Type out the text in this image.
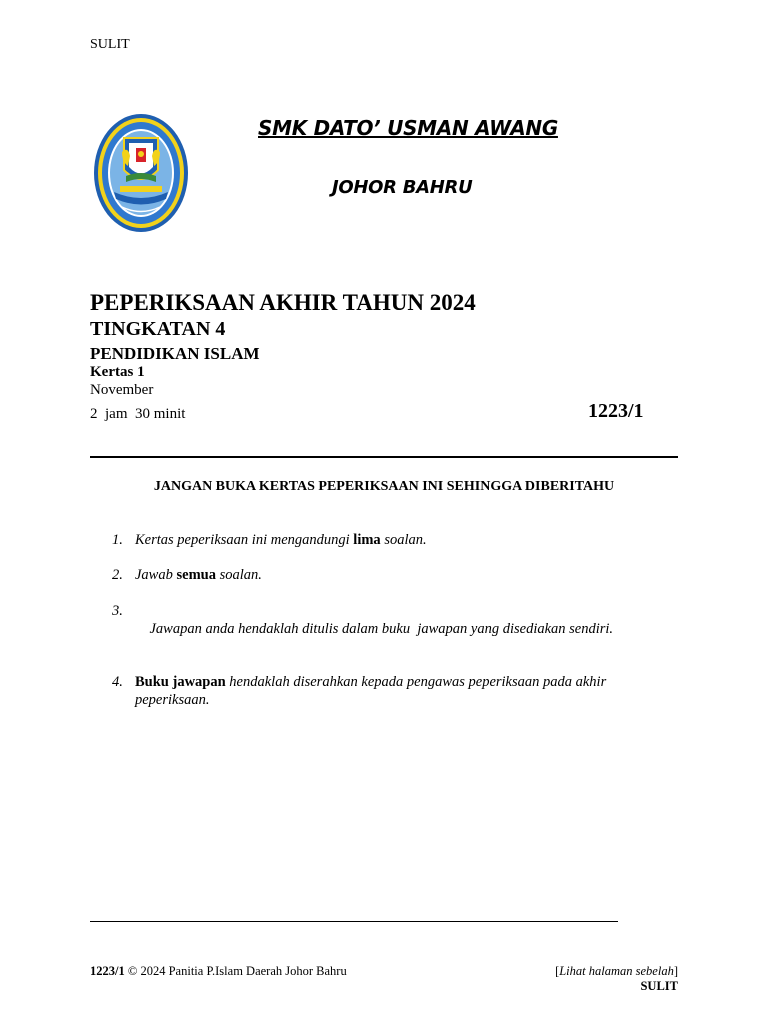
SULIT
SMK DATO’ USMAN AWANG
JOHOR BAHRU
PEPERIKSAAN AKHIR TAHUN 2024
TINGKATAN 4
PENDIDIKAN ISLAM
Kertas 1
November
2  jam  30 minit	1223/1
JANGAN BUKA KERTAS PEPERIKSAAN INI SEHINGGA DIBERITAHU
1. Kertas peperiksaan ini mengandungi lima soalan.
2. Jawab semua soalan.

3.
Jawapan anda hendaklah ditulis dalam buku  jawapan yang disediakan sendiri.

4. Buku jawapan hendaklah diserahkan kepada pengawas peperiksaan pada akhir peperiksaan.
1223/1 © 2024 Panitia P.Islam Daerah Johor Bahru	[Lihat halaman sebelah]
SULIT
